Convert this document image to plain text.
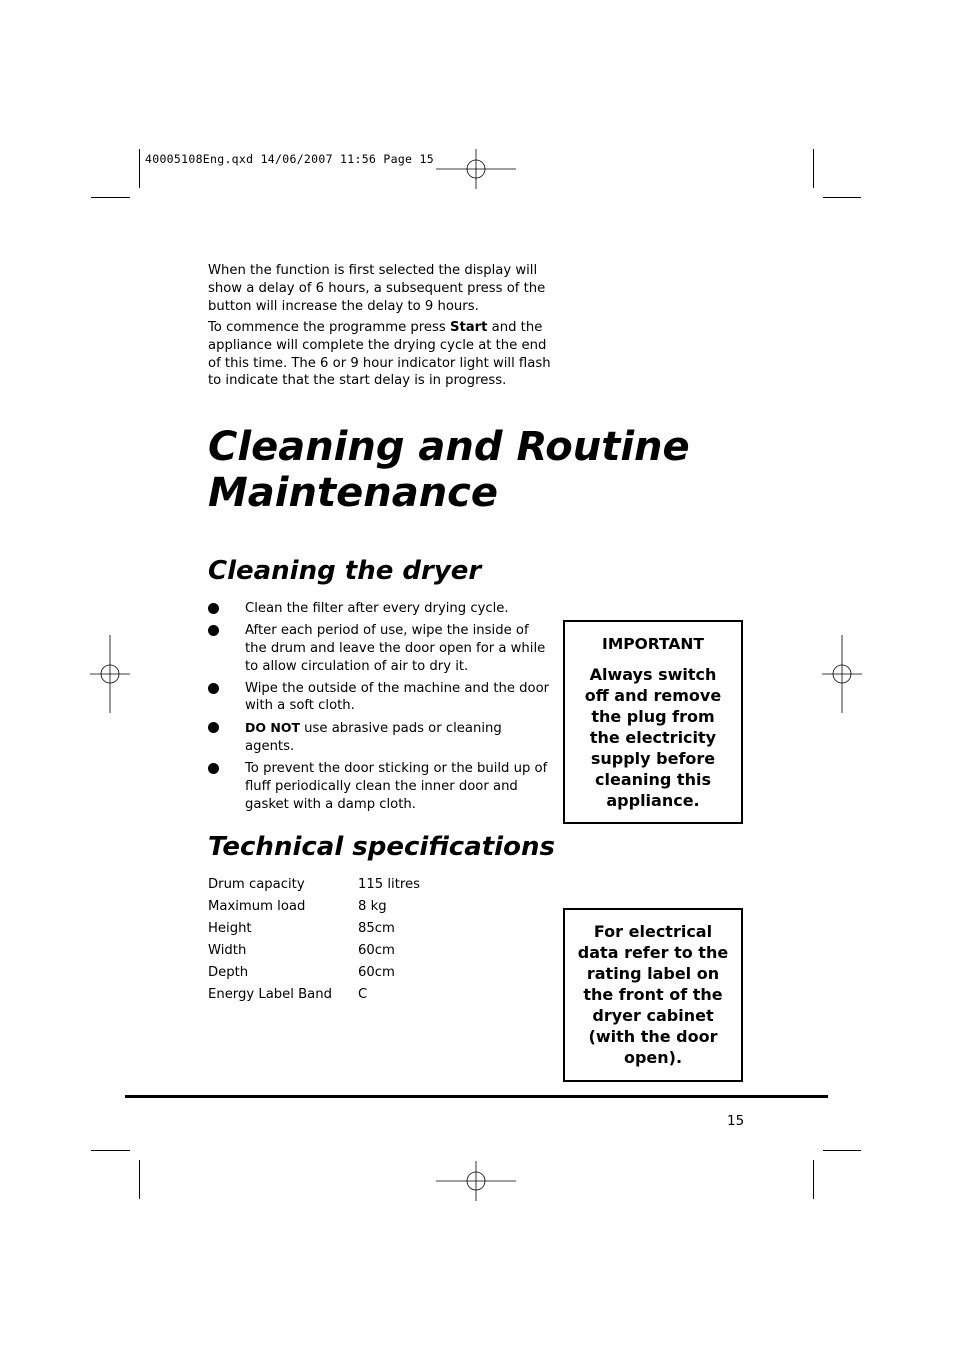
40005108Eng.qxd 14/06/2007 11:56 Page 15

When the function is first selected the display will show a delay of 6 hours, a subsequent press of the button will increase the delay to 9 hours.

To commence the programme press Start and the appliance will complete the drying cycle at the end of this time. The 6 or 9 hour indicator light will flash to indicate that the start delay is in progress.

Cleaning and Routine
Maintenance
Cleaning the dryer
Clean the filter after every drying cycle.
After each period of use, wipe the inside of the drum and leave the door open for a while to allow circulation of air to dry it.
Wipe the outside of the machine and the door with a soft cloth.
DO NOT use abrasive pads or cleaning agents.
To prevent the door sticking or the build up of fluff periodically clean the inner door and gasket with a damp cloth.
IMPORTANT
Always switch off and remove the plug from the electricity supply before cleaning this appliance.
Technical specifications
Drum capacity	115 litres
Maximum load	8 kg
Height	85cm
Width	60cm
Depth	60cm
Energy Label Band	C
For electrical data refer to the rating label on the front of the dryer cabinet (with the door open).
15
